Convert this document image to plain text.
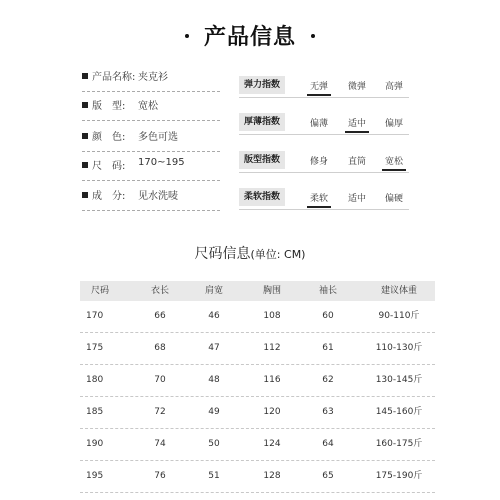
产品信息
产品名称: 夹克衫
版　型: 宽松
颜　色: 多色可选
尺　码: 170~195
成　分: 见水洗唛
弹力指数	无弹	微弹	高弹
厚薄指数	偏薄	适中	偏厚
版型指数	修身	直筒	宽松
柔软指数	柔软	适中	偏硬
尺码信息(单位: CM)
尺码	衣长	肩宽	胸围	袖长	建议体重
170	66	46	108	60	90-110斤
175	68	47	112	61	110-130斤
180	70	48	116	62	130-145斤
185	72	49	120	63	145-160斤
190	74	50	124	64	160-175斤
195	76	51	128	65	175-190斤
